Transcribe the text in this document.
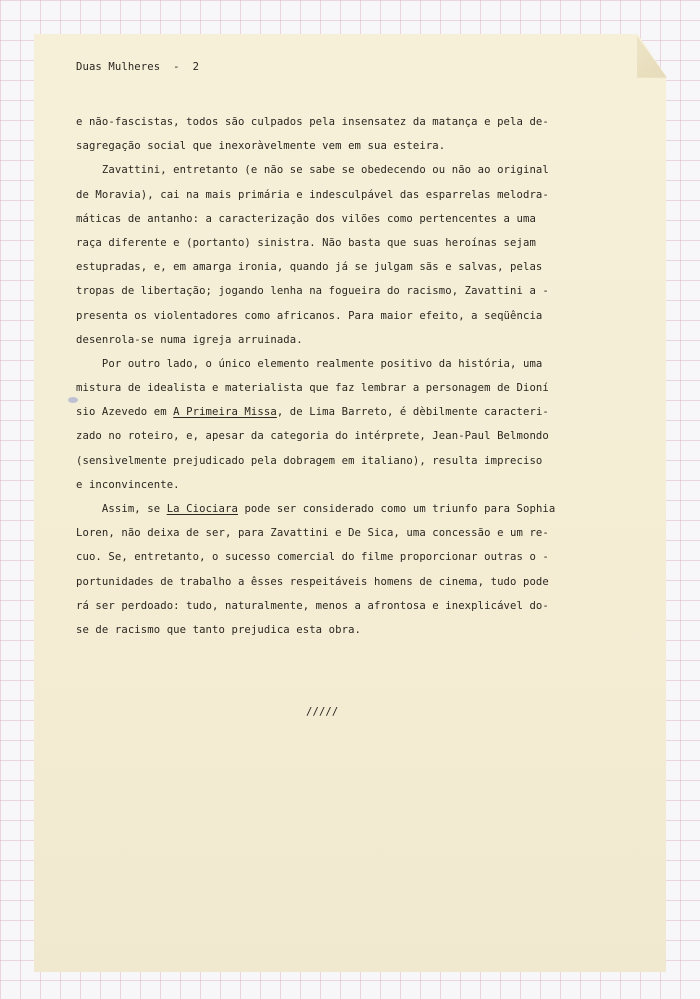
Duas Mulheres  -  2
e não-fascistas, todos são culpados pela insensatez da matança e pela de-
sagregação social que inexoràvelmente vem em sua esteira.
Zavattini, entretanto (e não se sabe se obedecendo ou não ao original
de Moravia), cai na mais primária e indesculpável das esparrelas melodra-
máticas de antanho: a caracterização dos vilões como pertencentes a uma
raça diferente e (portanto) sinistra. Não basta que suas heroínas sejam
estupradas, e, em amarga ironia, quando já se julgam sãs e salvas, pelas
tropas de libertação; jogando lenha na fogueira do racismo, Zavattini a -
presenta os violentadores como africanos. Para maior efeito, a seqüência
desenrola-se numa igreja arruinada.
Por outro lado, o único elemento realmente positivo da história, uma
mistura de idealista e materialista que faz lembrar a personagem de Dioní
sio Azevedo em A Primeira Missa, de Lima Barreto, é dèbilmente caracteri-
zado no roteiro, e, apesar da categoria do intérprete, Jean-Paul Belmondo
(sensìvelmente prejudicado pela dobragem em italiano), resulta impreciso
e inconvincente.
Assim, se La Ciociara pode ser considerado como um triunfo para Sophia
Loren, não deixa de ser, para Zavattini e De Sica, uma concessão e um re-
cuo. Se, entretanto, o sucesso comercial do filme proporcionar outras o -
portunidades de trabalho a êsses respeitáveis homens de cinema, tudo pode
rá ser perdoado: tudo, naturalmente, menos a afrontosa e inexplicável do-
se de racismo que tanto prejudica esta obra.
/////
